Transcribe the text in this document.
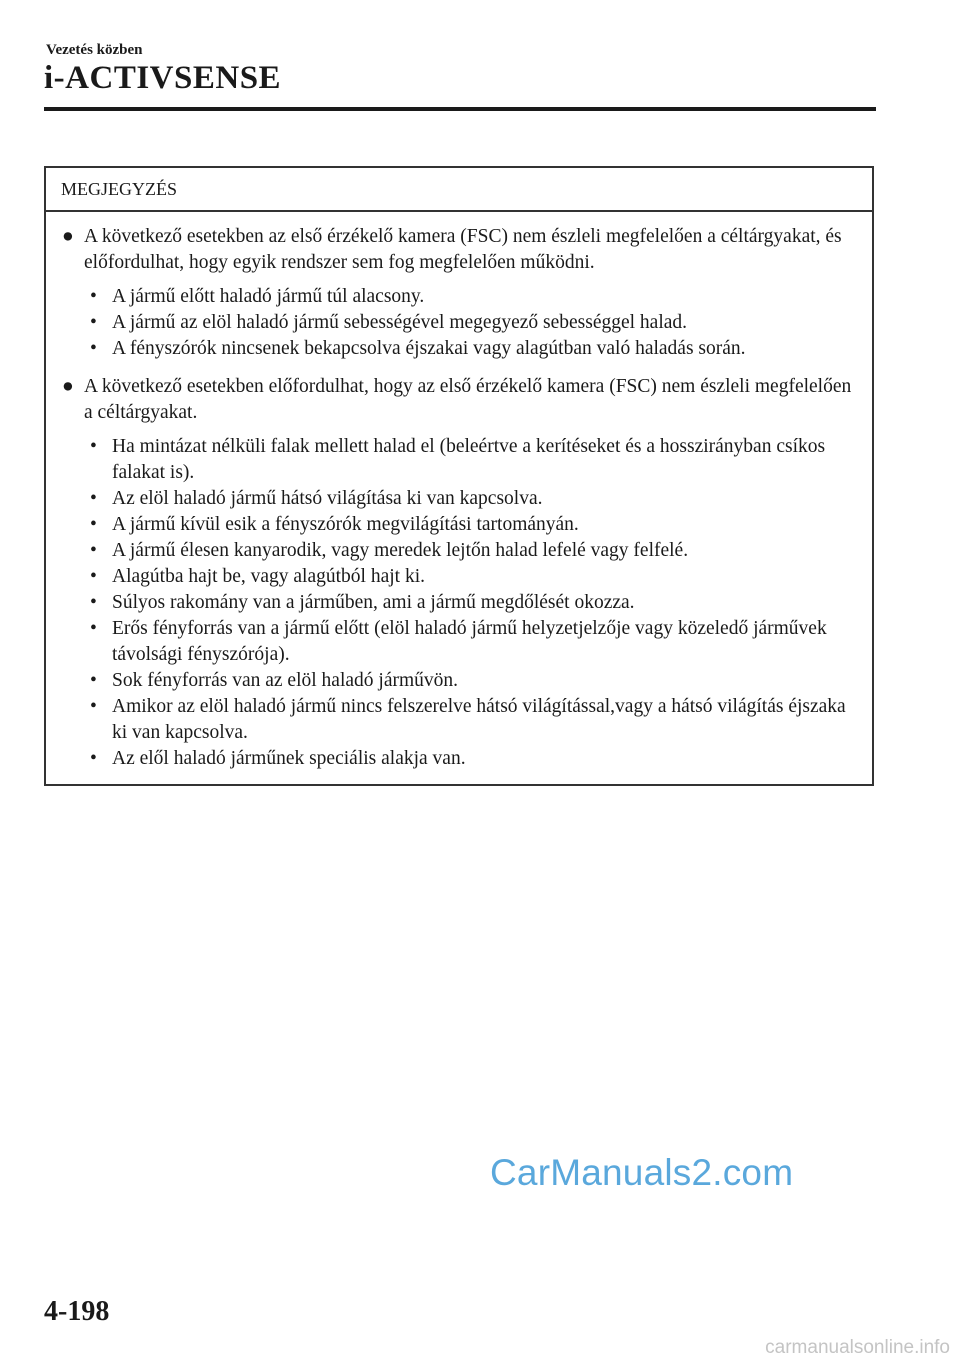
Vezetés közben
i-ACTIVSENSE
MEGJEGYZÉS
● A következő esetekben az első érzékelő kamera (FSC) nem észleli megfelelően a céltárgyakat, és előfordulhat, hogy egyik rendszer sem fog megfelelően működni.
• A jármű előtt haladó jármű túl alacsony.
• A jármű az elöl haladó jármű sebességével megegyező sebességgel halad.
• A fényszórók nincsenek bekapcsolva éjszakai vagy alagútban való haladás során.
● A következő esetekben előfordulhat, hogy az első érzékelő kamera (FSC) nem észleli megfelelően a céltárgyakat.
• Ha mintázat nélküli falak mellett halad el (beleértve a kerítéseket és a hosszirányban csíkos falakat is).
• Az elöl haladó jármű hátsó világítása ki van kapcsolva.
• A jármű kívül esik a fényszórók megvilágítási tartományán.
• A jármű élesen kanyarodik, vagy meredek lejtőn halad lefelé vagy felfelé.
• Alagútba hajt be, vagy alagútból hajt ki.
• Súlyos rakomány van a járműben, ami a jármű megdőlését okozza.
• Erős fényforrás van a jármű előtt (elöl haladó jármű helyzetjelzője vagy közeledő járművek távolsági fényszórója).
• Sok fényforrás van az elöl haladó járművön.
• Amikor az elöl haladó jármű nincs felszerelve hátsó világítással,vagy a hátsó világítás éjszaka ki van kapcsolva.
• Az elől haladó járműnek speciális alakja van.
CarManuals2.com
4-198
carmanualsonline.info
